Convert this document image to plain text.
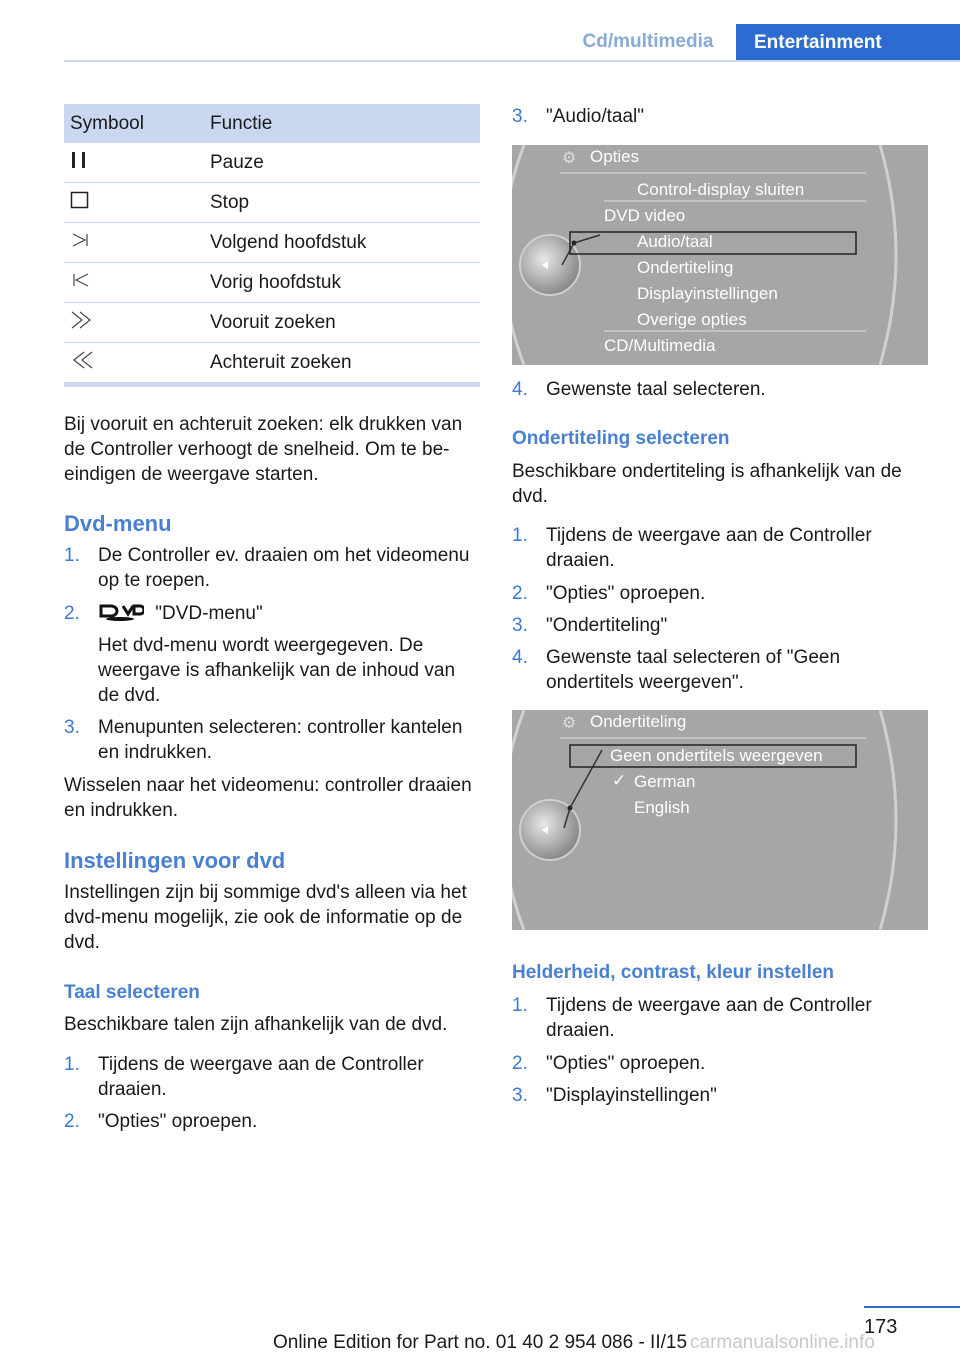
Cd/multimedia	Entertainment
Symbool	Functie
	Pauze
	Stop
	Volgend hoofdstuk
	Vorig hoofdstuk
	Vooruit zoeken
	Achteruit zoeken

Bij vooruit en achteruit zoeken: elk drukken van de Controller verhoogt de snelheid. Om te beeindigen de weergave starten.

Dvd-menu
1. De Controller ev. draaien om het videomenu op te roepen.
2.	"DVD-menu"
Het dvd-menu wordt weergegeven. De weergave is afhankelijk van de inhoud van de dvd.
3. Menupunten selecteren: controller kantelen en indrukken.

Wisselen naar het videomenu: controller draaien en indrukken.

Instellingen voor dvd

Instellingen zijn bij sommige dvd's alleen via het dvd-menu mogelijk, zie ook de informatie op de dvd.

Taal selecteren

Beschikbare talen zijn afhankelijk van de dvd.

1. Tijdens de weergave aan de Controller draaien.
2. "Opties" oproepen.
3. "Audio/taal"
⚙ Opties
Control-display sluiten
DVD video
Audio/taal
Ondertiteling
Displayinstellingen
Overige opties
CD/Multimedia
4. Gewenste taal selecteren.
Ondertiteling selecteren

Beschikbare ondertiteling is afhankelijk van de dvd.

1. Tijdens de weergave aan de Controller draaien.
2. "Opties" oproepen.
3. "Ondertiteling"
4. Gewenste taal selecteren of "Geen ondertitels weergeven".
⚙ Ondertiteling
Geen ondertitels weergeven
✓ German
English
Helderheid, contrast, kleur instellen
1. Tijdens de weergave aan de Controller draaien.
2. "Opties" oproepen.
3. "Displayinstellingen"
173
Online Edition for Part no. 01 40 2 954 086 - II/15 carmanualsonline.info
